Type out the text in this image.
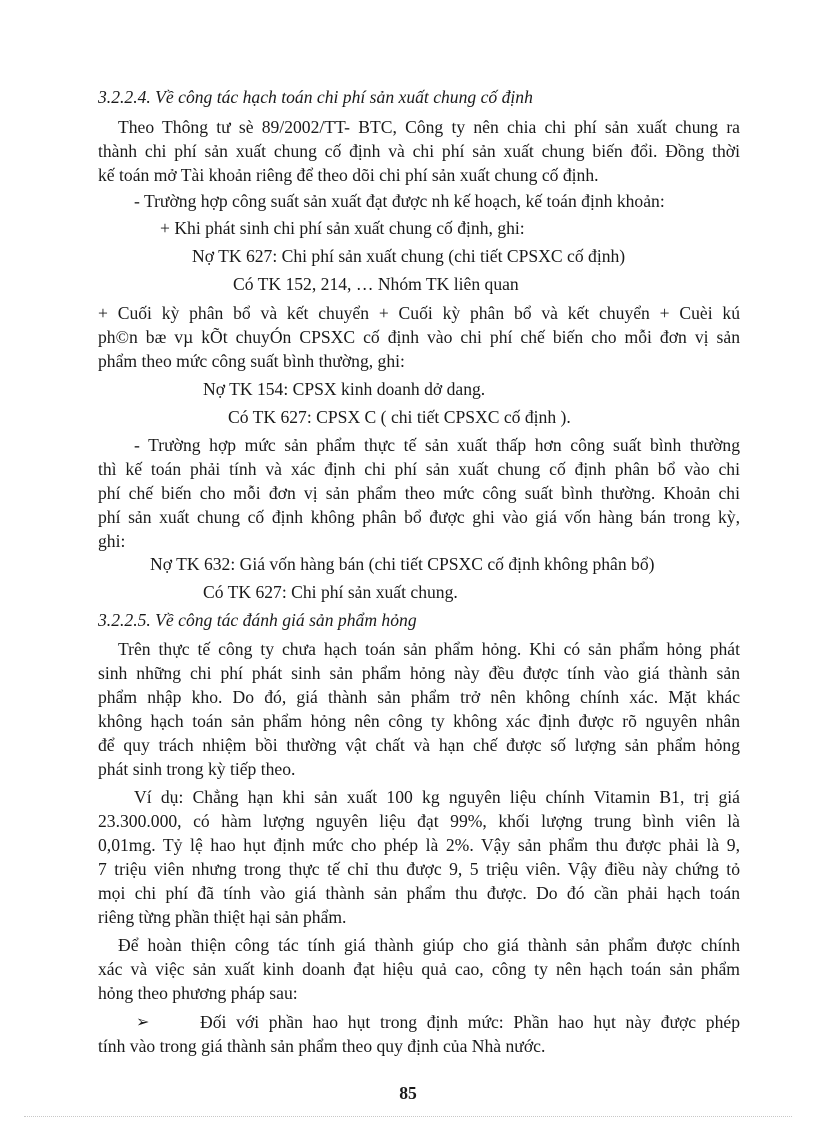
3.2.2.4. Về công tác hạch toán chi phí sản xuất chung cố định
Theo Thông tư sè 89/2002/TT- BTC, Công ty nên chia chi phí sản xuất chung ra
thành chi phí sản xuất chung cố định và chi phí sản xuất chung biến đổi. Đồng thời
kế toán mở Tài khoản riêng để theo dõi chi phí sản xuất chung cố định.
- Trường hợp công suất sản xuất đạt được nh kế hoạch, kế toán định khoản:
+ Khi phát sinh chi phí sản xuất chung cố định, ghi:
Nợ TK 627: Chi phí sản xuất chung (chi tiết CPSXC cố định)
Có TK 152, 214, … Nhóm TK liên quan
+ Cuối kỳ phân bổ và kết chuyển + Cuối kỳ phân bổ và kết chuyển + Cuèi kú
ph©n bæ vµ kÕt chuyÓn CPSXC cố định vào chi phí chế biến cho mỗi đơn vị sản
phẩm theo mức công suất bình thường, ghi:
Nợ TK 154: CPSX kinh doanh dở dang.
Có TK 627: CPSX C ( chi tiết CPSXC cố định ).
- Trường hợp mức sản phẩm thực tế sản xuất thấp hơn công suất bình thường
thì kế toán phải tính và xác định chi phí sản xuất chung cố định phân bổ vào chi
phí chế biến cho mỗi đơn vị sản phẩm theo mức công suất bình thường. Khoản chi
phí sản xuất chung cố định không phân bổ được ghi vào giá vốn hàng bán trong kỳ,
ghi:
Nợ TK 632: Giá vốn hàng bán (chi tiết CPSXC cố định không phân bổ)
Có TK 627: Chi phí sản xuất chung.
3.2.2.5. Về công tác đánh giá sản phẩm hỏng
Trên thực tế công ty chưa hạch toán sản phẩm hỏng. Khi có sản phẩm hỏng phát
sinh những chi phí phát sinh sản phẩm hỏng này đều được tính vào giá thành sản
phẩm nhập kho. Do đó, giá thành sản phẩm trở nên không chính xác. Mặt khác
không hạch toán sản phẩm hỏng nên công ty không xác định được rõ nguyên nhân
để quy trách nhiệm bồi thường vật chất và hạn chế được số lượng sản phẩm hỏng
phát sinh trong kỳ tiếp theo.
Ví dụ: Chẳng hạn khi sản xuất 100 kg nguyên liệu chính Vitamin B1, trị giá
23.300.000, có hàm lượng nguyên liệu đạt 99%, khối lượng trung bình viên là
0,01mg. Tỷ lệ hao hụt định mức cho phép là 2%. Vậy sản phẩm thu được phải là 9,
7 triệu viên nhưng trong thực tế chỉ thu được 9, 5 triệu viên. Vậy điều này chứng tỏ
mọi chi phí đã tính vào giá thành sản phẩm thu được. Do đó cần phải hạch toán
riêng từng phần thiệt hại sản phẩm.
Để hoàn thiện công tác tính giá thành giúp cho giá thành sản phẩm được chính
xác và việc sản xuất kinh doanh đạt hiệu quả cao, công ty nên hạch toán sản phẩm
hỏng theo phương pháp sau:
➢	Đối với phần hao hụt trong định mức: Phần hao hụt này được phép
tính vào trong giá thành sản phẩm theo quy định của Nhà nước.
85
